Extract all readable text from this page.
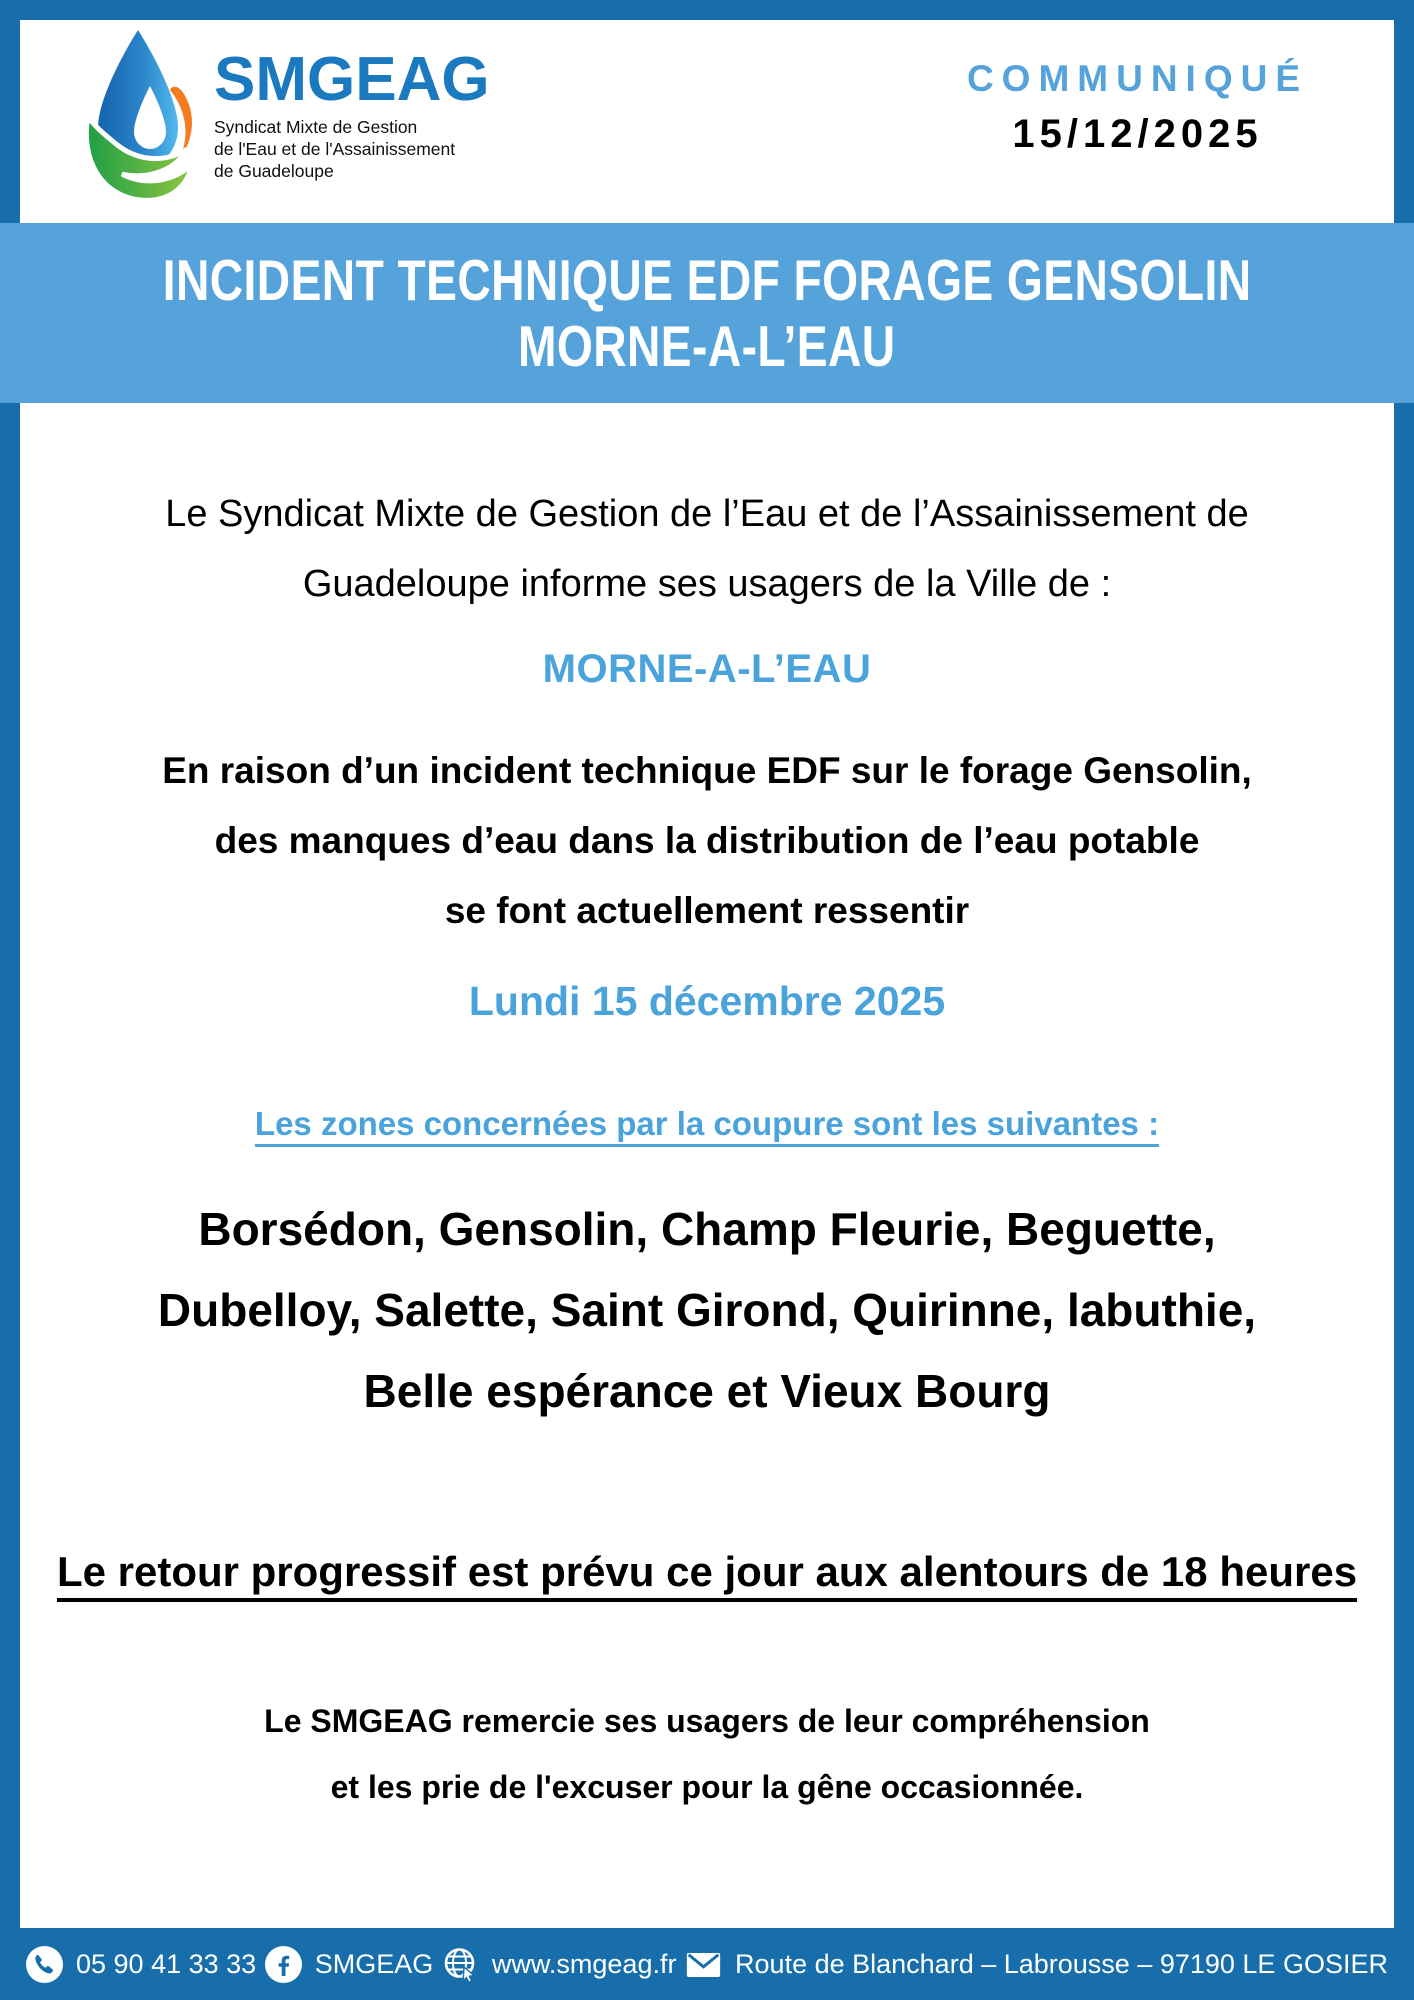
SMGEAG
Syndicat Mixte de Gestion
de l'Eau et de l'Assainissement
de Guadeloupe
COMMUNIQUÉ
15/12/2025
INCIDENT TECHNIQUE EDF FORAGE GENSOLIN
MORNE-A-L’EAU
Le Syndicat Mixte de Gestion de l’Eau et de l’Assainissement de
Guadeloupe informe ses usagers de la Ville de :
MORNE-A-L’EAU
En raison d’un incident technique EDF sur le forage Gensolin,
des manques d’eau dans la distribution de l’eau potable
se font actuellement ressentir
Lundi 15 décembre 2025
Les zones concernées par la coupure sont les suivantes :
Borsédon, Gensolin, Champ Fleurie, Beguette,
Dubelloy, Salette, Saint Girond, Quirinne, labuthie,
Belle espérance et Vieux Bourg
Le retour progressif est prévu ce jour aux alentours de 18 heures
Le SMGEAG remercie ses usagers de leur compréhension
et les prie de l'excuser pour la gêne occasionnée.
05 90 41 33 33 SMGEAG www.smgeag.fr Route de Blanchard – Labrousse – 97190 LE GOSIER
